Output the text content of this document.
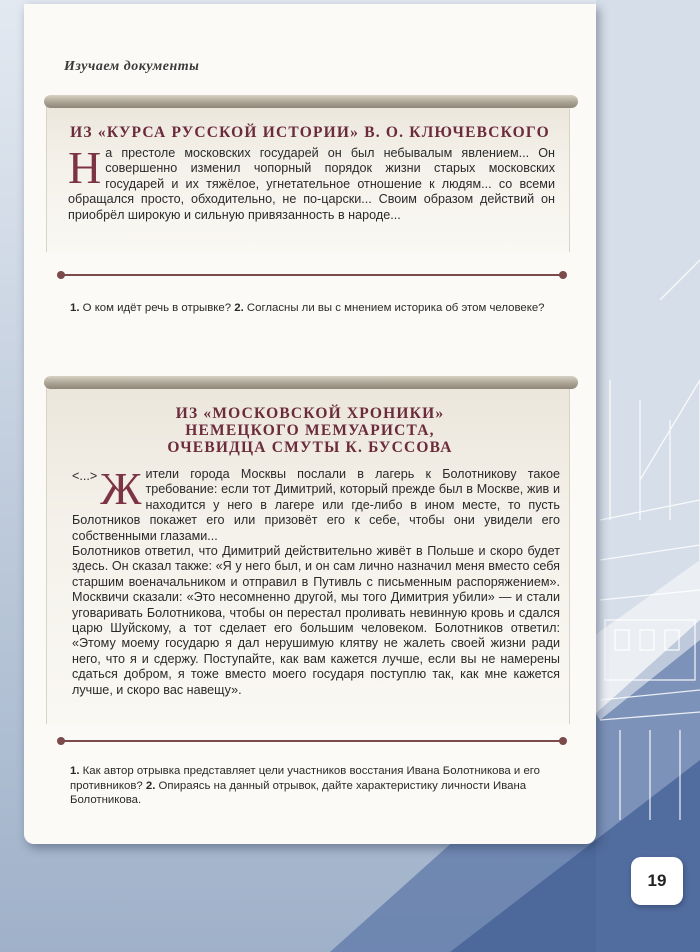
Изучаем документы
ИЗ «КУРСА РУССКОЙ ИСТОРИИ» В. О. КЛЮЧЕВСКОГО
Н а престоле московских государей он был небывалым явлением... Он совершенно изменил чопорный порядок жизни старых московских государей и их тяжёлое, угнетательное отношение к людям... со всеми обращался просто, обходительно, не по-царски... Своим образом действий он приобрёл широкую и сильную привязанность в народе...
1. О ком идёт речь в отрывке? 2. Согласны ли вы с мнением историка об этом человеке?
ИЗ «МОСКОВСКОЙ ХРОНИКИ»
НЕМЕЦКОГО МЕМУАРИСТА,
ОЧЕВИДЦА СМУТЫ К. БУССОВА
<...> Ж ители города Москвы послали в лагерь к Болотникову такое требование: если тот Димитрий, который прежде был в Москве, жив и находится у него в лагере или где-либо в ином месте, то пусть Болотников покажет его или призовёт его к себе, чтобы они увидели его собственными глазами...
Болотников ответил, что Димитрий действительно живёт в Польше и скоро будет здесь. Он сказал также: «Я у него был, и он сам лично назначил меня вместо себя старшим военачальником и отправил в Путивль с письменным распоряжением». Москвичи сказали: «Это несомненно другой, мы того Димитрия убили» — и стали уговаривать Болотникова, чтобы он перестал проливать невинную кровь и сдался царю Шуйскому, а тот сделает его большим человеком. Болотников ответил: «Этому моему государю я дал нерушимую клятву не жалеть своей жизни ради него, что я и сдержу. Поступайте, как вам кажется лучше, если вы не намерены сдаться добром, я тоже вместо моего государя поступлю так, как мне кажется лучше, и скоро вас навещу».
1. Как автор отрывка представляет цели участников восстания Ивана Болотникова и его противников? 2. Опираясь на данный отрывок, дайте характеристику личности Ивана Болотникова.
19
